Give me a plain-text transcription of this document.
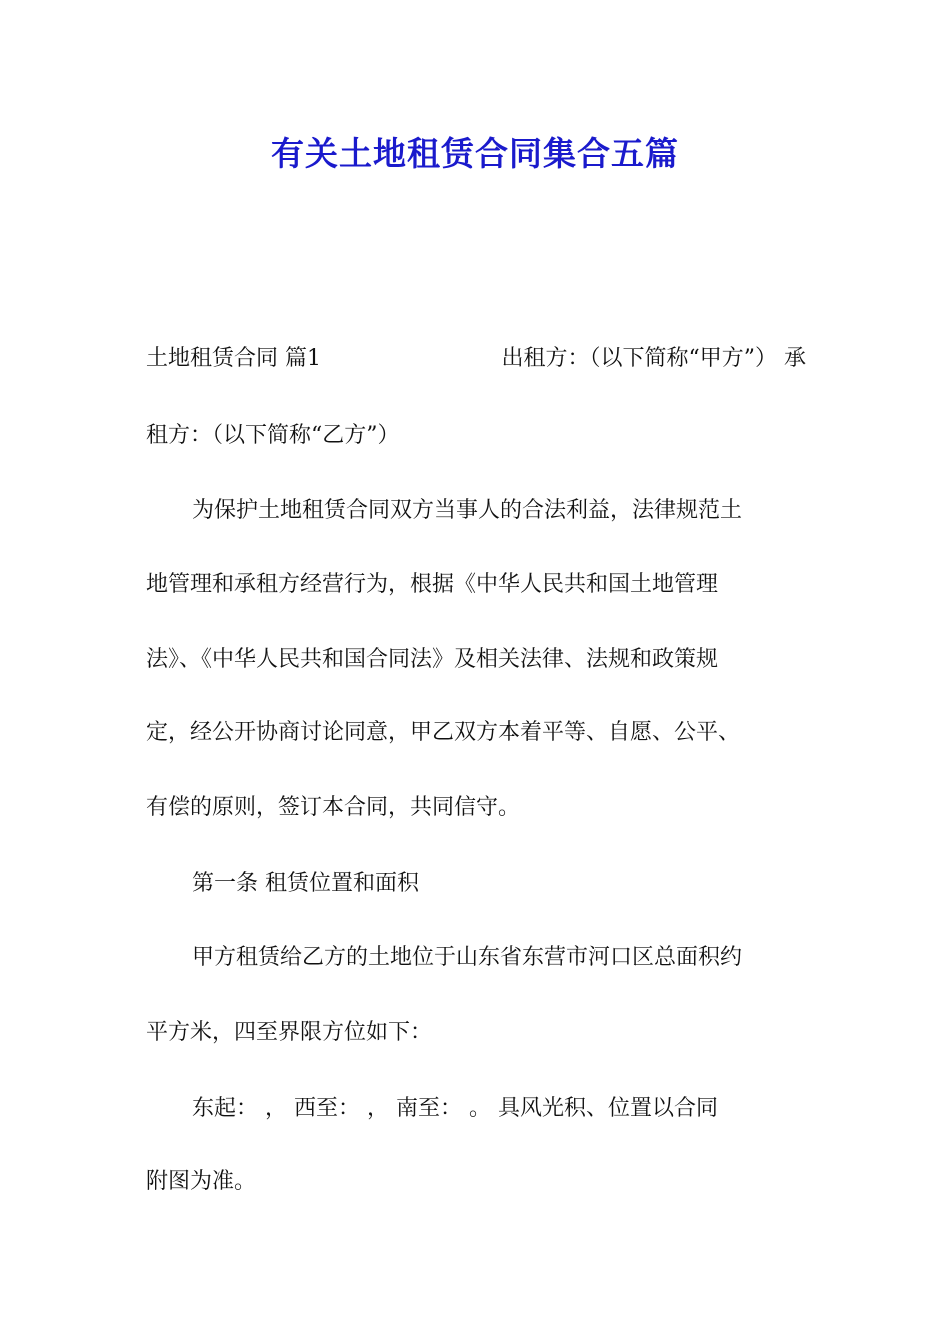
有关土地租赁合同集合五篇
土地租赁合同 篇1	出租方：（以下简称“甲方”） 承

租方：（以下简称“乙方”）

为保护土地租赁合同双方当事人的合法利益，法律规范土

地管理和承租方经营行为，根据《中华人民共和国土地管理

法》、《中华人民共和国合同法》及相关法律、法规和政策规

定，经公开协商讨论同意，甲乙双方本着平等、自愿、公平、

有偿的原则，签订本合同，共同信守。

第一条 租赁位置和面积

甲方租赁给乙方的土地位于山东省东营市河口区总面积约

平方米，四至界限方位如下：

东起： ， 西至： ， 南至： 。 具风光积、位置以合同

附图为准。
